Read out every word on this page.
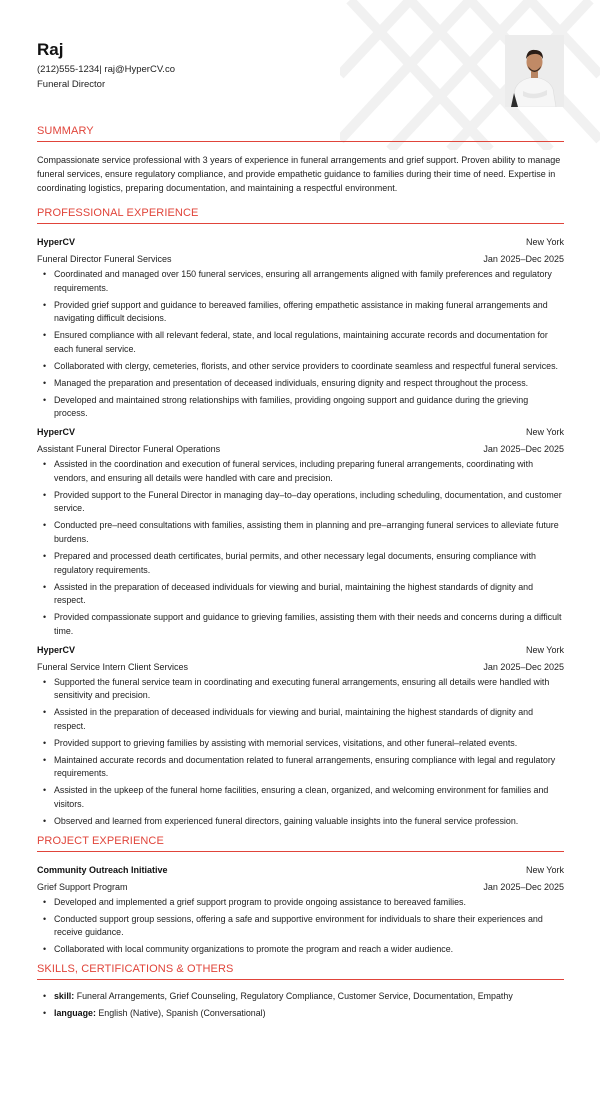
Raj
(212)555-1234| raj@HyperCV.co
Funeral Director
SUMMARY
Compassionate service professional with 3 years of experience in funeral arrangements and grief support. Proven ability to manage funeral services, ensure regulatory compliance, and provide empathetic guidance to families during their time of need. Expertise in coordinating logistics, preparing documentation, and maintaining a respectful environment.
PROFESSIONAL EXPERIENCE
HyperCV	New York
Funeral Director Funeral Services	Jan 2025–Dec 2025
• Coordinated and managed over 150 funeral services, ensuring all arrangements aligned with family preferences and regulatory requirements.
• Provided grief support and guidance to bereaved families, offering empathetic assistance in making funeral arrangements and navigating difficult decisions.
• Ensured compliance with all relevant federal, state, and local regulations, maintaining accurate records and documentation for each funeral service.
• Collaborated with clergy, cemeteries, florists, and other service providers to coordinate seamless and respectful funeral services.
• Managed the preparation and presentation of deceased individuals, ensuring dignity and respect throughout the process.
• Developed and maintained strong relationships with families, providing ongoing support and guidance during the grieving process.
HyperCV	New York
Assistant Funeral Director Funeral Operations	Jan 2025–Dec 2025
• Assisted in the coordination and execution of funeral services, including preparing funeral arrangements, coordinating with vendors, and ensuring all details were handled with care and precision.
• Provided support to the Funeral Director in managing day–to–day operations, including scheduling, documentation, and customer service.
• Conducted pre–need consultations with families, assisting them in planning and pre–arranging funeral services to alleviate future burdens.
• Prepared and processed death certificates, burial permits, and other necessary legal documents, ensuring compliance with regulatory requirements.
• Assisted in the preparation of deceased individuals for viewing and burial, maintaining the highest standards of dignity and respect.
• Provided compassionate support and guidance to grieving families, assisting them with their needs and concerns during a difficult time.
HyperCV	New York
Funeral Service Intern Client Services	Jan 2025–Dec 2025
• Supported the funeral service team in coordinating and executing funeral arrangements, ensuring all details were handled with sensitivity and precision.
• Assisted in the preparation of deceased individuals for viewing and burial, maintaining the highest standards of dignity and respect.
• Provided support to grieving families by assisting with memorial services, visitations, and other funeral–related events.
• Maintained accurate records and documentation related to funeral arrangements, ensuring compliance with legal and regulatory requirements.
• Assisted in the upkeep of the funeral home facilities, ensuring a clean, organized, and welcoming environment for families and visitors.
• Observed and learned from experienced funeral directors, gaining valuable insights into the funeral service profession.
PROJECT EXPERIENCE
Community Outreach Initiative	New York
Grief Support Program	Jan 2025–Dec 2025
• Developed and implemented a grief support program to provide ongoing assistance to bereaved families.
• Conducted support group sessions, offering a safe and supportive environment for individuals to share their experiences and receive guidance.
• Collaborated with local community organizations to promote the program and reach a wider audience.
SKILLS, CERTIFICATIONS & OTHERS
• skill: Funeral Arrangements, Grief Counseling, Regulatory Compliance, Customer Service, Documentation, Empathy
• language: English (Native), Spanish (Conversational)
